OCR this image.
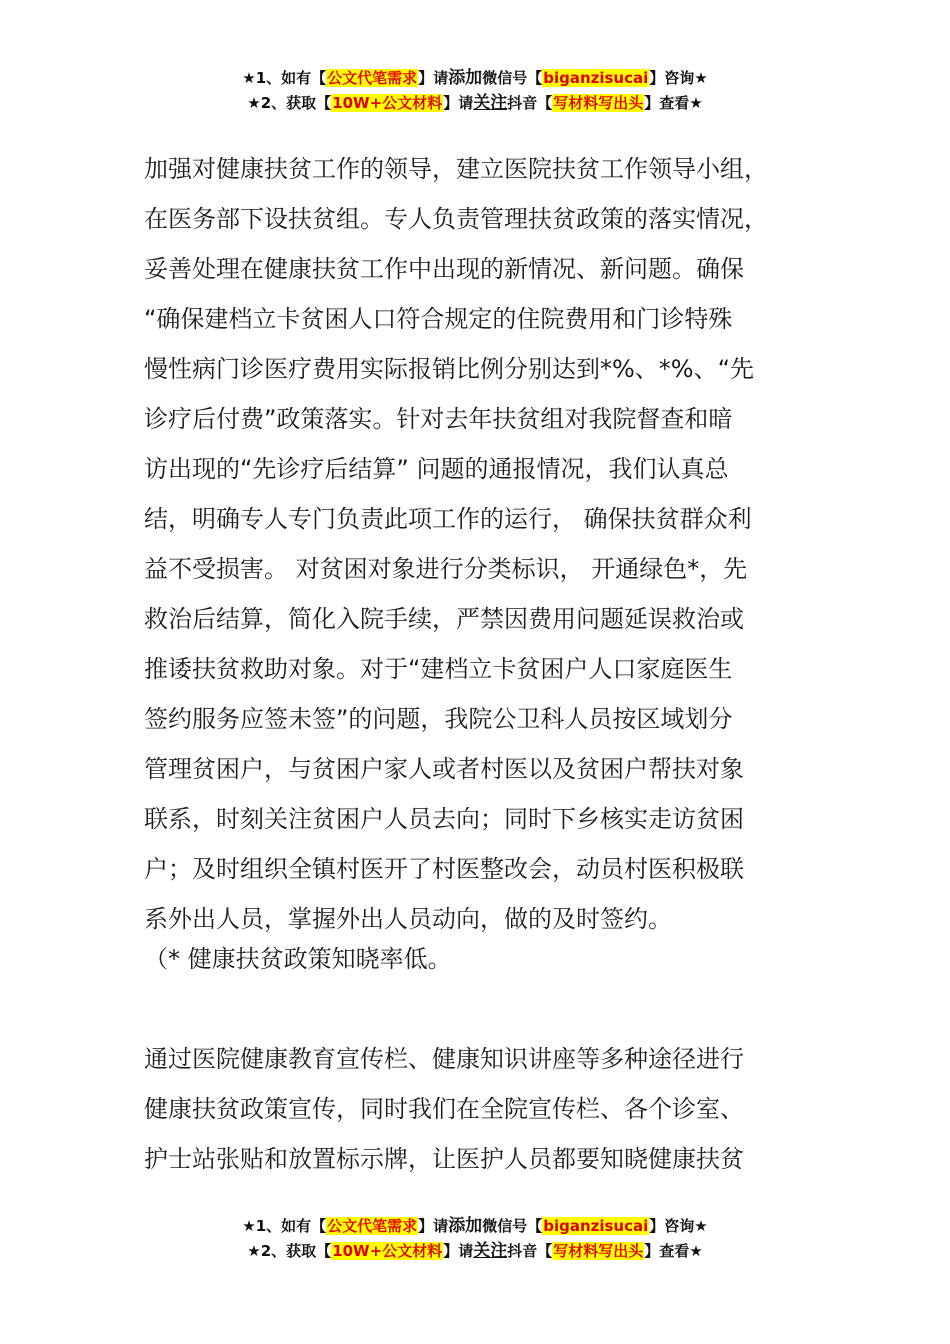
★1、如有【公文代笔需求】请添加微信号【biganzisucai】咨询★
★2、获取【10W+公文材料】请关注抖音【写材料写出头】查看★

加强对健康扶贫工作的领导，建立医院扶贫工作领导小组，

在医务部下设扶贫组。专人负责管理扶贫政策的落实情况，

妥善处理在健康扶贫工作中出现的新情况、新问题。确保

“确保建档立卡贫困人口符合规定的住院费用和门诊特殊

慢性病门诊医疗费用实际报销比例分别达到*%、*%、“先

诊疗后付费”政策落实。针对去年扶贫组对我院督查和暗

访出现的“先诊疗后结算” 问题的通报情况，我们认真总

结，明确专人专门负责此项工作的运行， 确保扶贫群众利

益不受损害。 对贫困对象进行分类标识， 开通绿色*，先

救治后结算，简化入院手续，严禁因费用问题延误救治或

推诿扶贫救助对象。对于“建档立卡贫困户人口家庭医生

签约服务应签未签”的问题，我院公卫科人员按区域划分

管理贫困户，与贫困户家人或者村医以及贫困户帮扶对象

联系，时刻关注贫困户人员去向；同时下乡核实走访贫困

户；及时组织全镇村医开了村医整改会，动员村医积极联

系外出人员，掌握外出人员动向，做的及时签约。

（* 健康扶贫政策知晓率低。

通过医院健康教育宣传栏、健康知识讲座等多种途径进行

健康扶贫政策宣传，同时我们在全院宣传栏、各个诊室、

护士站张贴和放置标示牌，让医护人员都要知晓健康扶贫

★1、如有【公文代笔需求】请添加微信号【biganzisucai】咨询★
★2、获取【10W+公文材料】请关注抖音【写材料写出头】查看★
